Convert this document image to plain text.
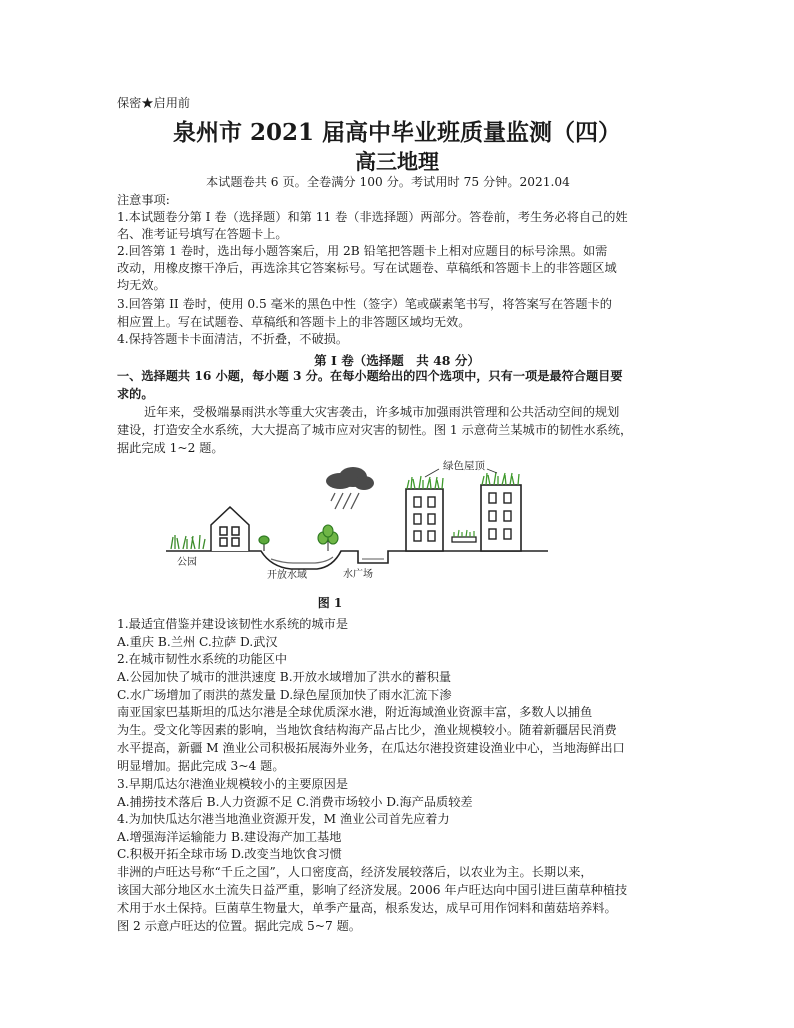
保密★启用前
泉州市 2021 届高中毕业班质量监测（四）
高三地理
本试题卷共 6 页。全卷满分 100 分。考试用时 75 分钟。2021.04
注意事项:
1.本试题卷分第 I 卷（选择题）和第 11 卷（非选择题）两部分。答卷前，考生务必将自己的姓
名、准考证号填写在答题卡上。
2.回答第 1 卷时，选出每小题答案后，用 2B 铅笔把答题卡上相对应题目的标号涂黑。如需
改动，用橡皮擦干净后，再选涂其它答案标号。写在试题卷、草稿纸和答题卡上的非答题区域
均无效。
3.回答第 II 卷时，使用 0.5 毫米的黑色中性（签字）笔或碳素笔书写，将答案写在答题卡的
相应置上。写在试题卷、草稿纸和答题卡上的非答题区域均无效。
4.保持答题卡卡面清洁，不折叠，不破损。
第 I 卷（选择题　共 48 分）
一、选择题共 16 小题，每小题 3 分。在每小题给出的四个选项中，只有一项是最符合题目要
求的。
近年来，受极端暴雨洪水等重大灾害袭击，许多城市加强雨洪管理和公共活动空间的规划
建设，打造安全水系统，大大提高了城市应对灾害的韧性。图 1 示意荷兰某城市的韧性水系统，
据此完成 1~2 题。
绿色屋顶
公园
开放水域	水广场
图 1
1.最适宜借鉴并建设该韧性水系统的城市是
A.重庆 B.兰州 C.拉萨 D.武汉
2.在城市韧性水系统的功能区中
A.公园加快了城市的泄洪速度 B.开放水域增加了洪水的蓄积量
C.水广场增加了雨洪的蒸发量 D.绿色屋顶加快了雨水汇流下渗
南亚国家巴基斯坦的瓜达尔港是全球优质深水港，附近海域渔业资源丰富，多数人以捕鱼
为生。受文化等因素的影响，当地饮食结构海产品占比少，渔业规模较小。随着新疆居民消费
水平提高，新疆 M 渔业公司积极拓展海外业务，在瓜达尔港投资建设渔业中心，当地海鲜出口
明显增加。据此完成 3~4 题。
3.早期瓜达尔港渔业规模较小的主要原因是
A.捕捞技术落后 B.人力资源不足 C.消费市场较小 D.海产品质较差
4.为加快瓜达尔港当地渔业资源开发，M 渔业公司首先应着力
A.增强海洋运输能力 B.建设海产加工基地
C.积极开拓全球市场 D.改变当地饮食习惯
非洲的卢旺达号称“千丘之国”，人口密度高，经济发展较落后，以农业为主。长期以来，
该国大部分地区水土流失日益严重，影响了经济发展。2006 年卢旺达向中国引进巨菌草种植技
术用于水土保持。巨菌草生物量大，单季产量高，根系发达，成早可用作饲料和菌菇培养料。
图 2 示意卢旺达的位置。据此完成 5~7 题。
